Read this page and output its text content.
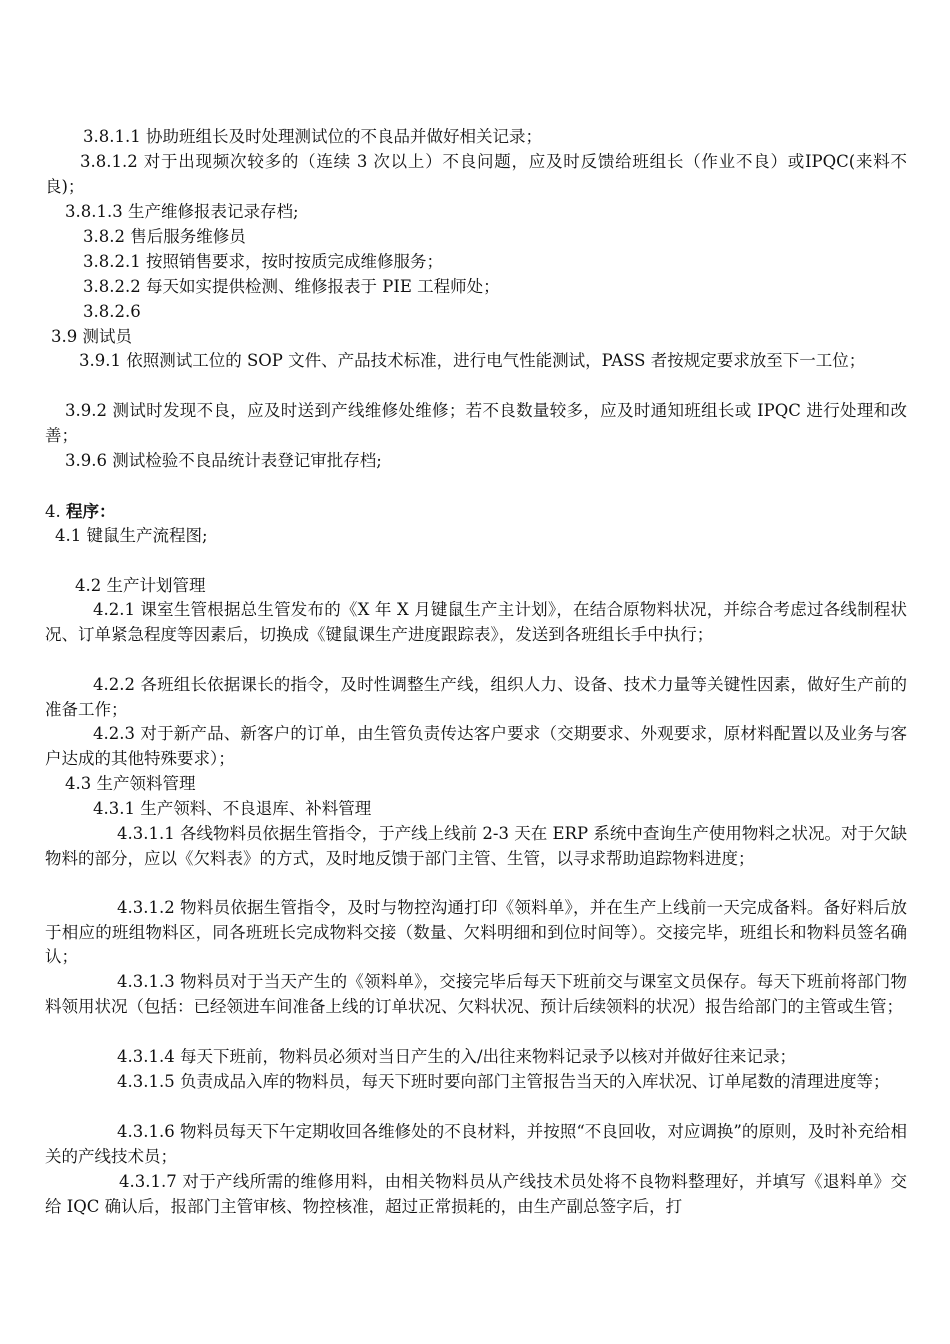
3.8.1.1 协助班组长及时处理测试位的不良品并做好相关记录；
3.8.1.2 对于出现频次较多的（连续 3 次以上）不良问题，应及时反馈给班组长（作业不良）或IPQC(来料不良)；
3.8.1.3 生产维修报表记录存档;
3.8.2 售后服务维修员
3.8.2.1 按照销售要求，按时按质完成维修服务；
3.8.2.2 每天如实提供检测、维修报表于 PIE 工程师处；
3.8.2.6
3.9 测试员
3.9.1 依照测试工位的 SOP 文件、产品技术标准，进行电气性能测试，PASS 者按规定要求放至下一工位；
3.9.2 测试时发现不良，应及时送到产线维修处维修；若不良数量较多，应及时通知班组长或 IPQC 进行处理和改善；
3.9.6 测试检验不良品统计表登记审批存档;
4. 程序：
4.1 键鼠生产流程图;
4.2 生产计划管理
4.2.1 课室生管根据总生管发布的《X 年 X 月键鼠生产主计划》，在结合原物料状况，并综合考虑过各线制程状况、订单紧急程度等因素后，切换成《键鼠课生产进度跟踪表》，发送到各班组长手中执行；
4.2.2 各班组长依据课长的指令，及时性调整生产线，组织人力、设备、技术力量等关键性因素，做好生产前的准备工作；
4.2.3 对于新产品、新客户的订单，由生管负责传达客户要求（交期要求、外观要求，原材料配置以及业务与客户达成的其他特殊要求）；
4.3 生产领料管理
4.3.1 生产领料、不良退库、补料管理
4.3.1.1 各线物料员依据生管指令，于产线上线前 2-3 天在 ERP 系统中查询生产使用物料之状况。对于欠缺物料的部分，应以《欠料表》的方式，及时地反馈于部门主管、生管，以寻求帮助追踪物料进度；
4.3.1.2 物料员依据生管指令，及时与物控沟通打印《领料单》，并在生产上线前一天完成备料。备好料后放于相应的班组物料区，同各班班长完成物料交接（数量、欠料明细和到位时间等）。交接完毕，班组长和物料员签名确认；
4.3.1.3 物料员对于当天产生的《领料单》，交接完毕后每天下班前交与课室文员保存。每天下班前将部门物料领用状况（包括：已经领进车间准备上线的订单状况、欠料状况、预计后续领料的状况）报告给部门的主管或生管；
4.3.1.4 每天下班前，物料员必须对当日产生的入/出往来物料记录予以核对并做好往来记录；
4.3.1.5 负责成品入库的物料员，每天下班时要向部门主管报告当天的入库状况、订单尾数的清理进度等；
4.3.1.6 物料员每天下午定期收回各维修处的不良材料，并按照“不良回收，对应调换”的原则，及时补充给相关的产线技术员；
4.3.1.7 对于产线所需的维修用料，由相关物料员从产线技术员处将不良物料整理好，并填写《退料单》交给 IQC 确认后，报部门主管审核、物控核准，超过正常损耗的，由生产副总签字后，打
